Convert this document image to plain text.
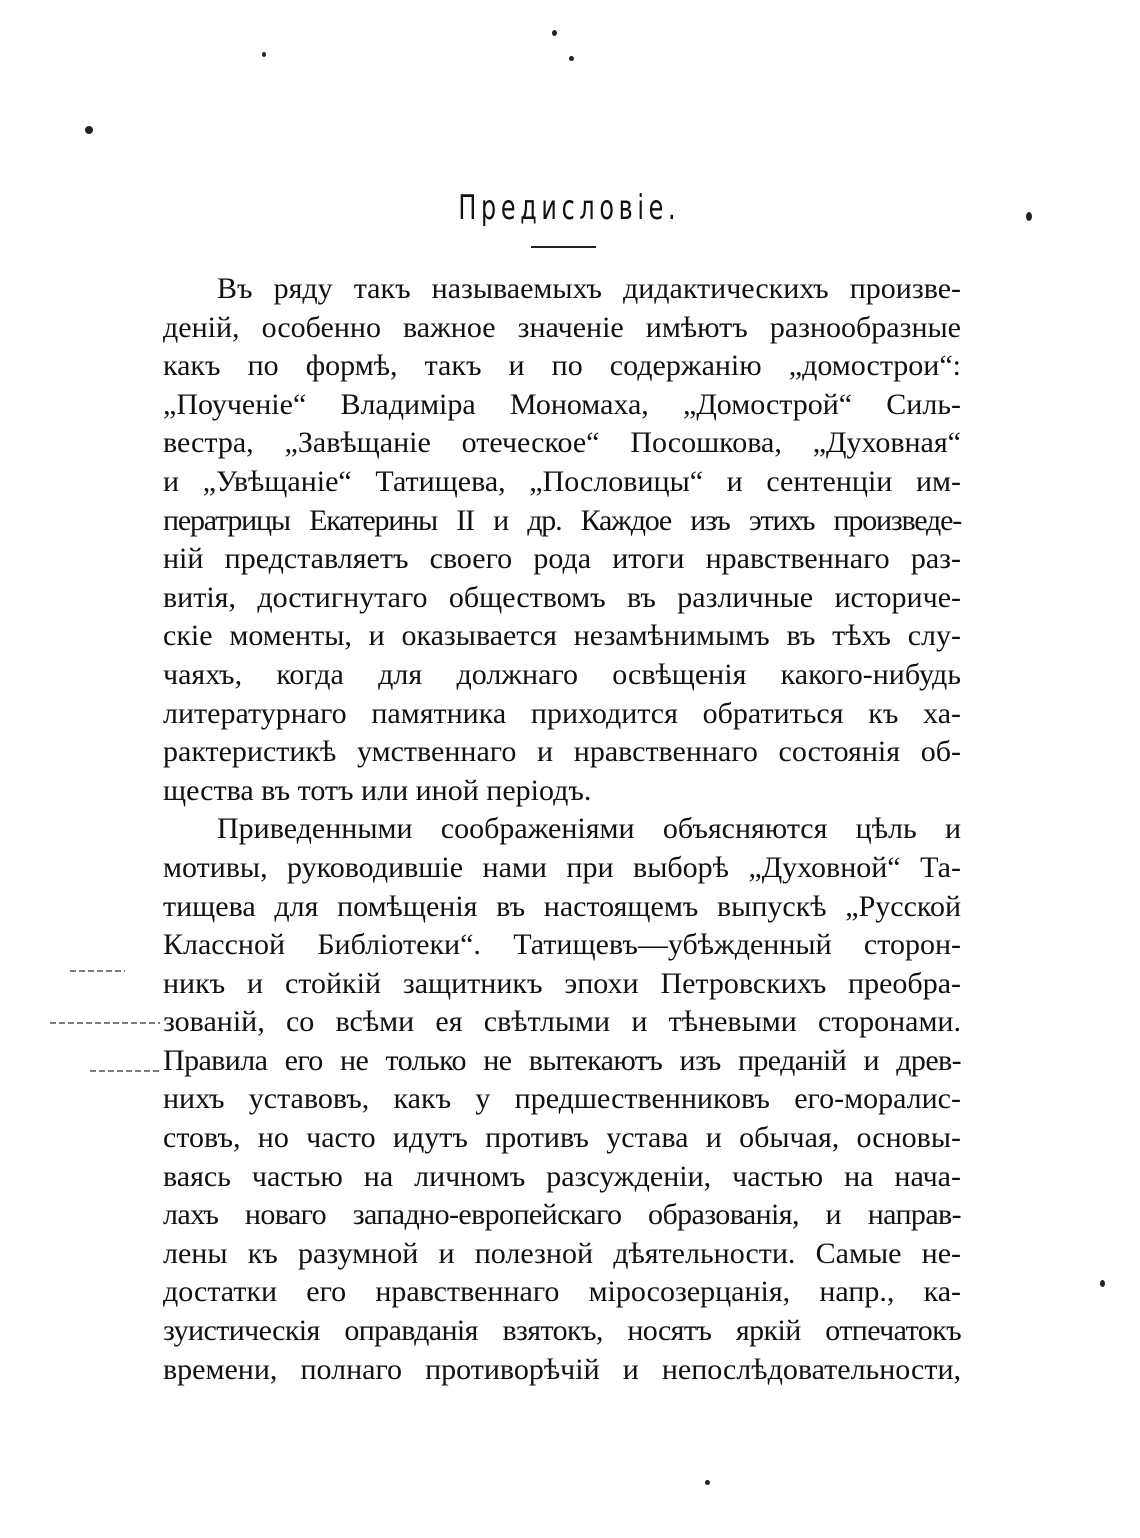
Предисловіе.
Въ ряду такъ называемыхъ дидактическихъ произве-
деній, особенно важное значеніе имѣютъ разнообразные
какъ по формѣ, такъ и по содержанію „домострои“:
„Поученіе“ Владиміра Мономаха, „Домострой“ Силь-
вестра, „Завѣщаніе отеческое“ Посошкова, „Духовная“
и „Увѣщаніе“ Татищева, „Пословицы“ и сентенціи им-
ператрицы Екатерины II и др. Каждое изъ этихъ произведе-
ній представляетъ своего рода итоги нравственнаго раз-
витія, достигнутаго обществомъ въ различные историче-
скіе моменты, и оказывается незамѣнимымъ въ тѣхъ слу-
чаяхъ, когда для должнаго освѣщенія какого-нибудь
литературнаго памятника приходится обратиться къ ха-
рактеристикѣ умственнаго и нравственнаго состоянія об-
щества въ тотъ или иной періодъ.
Приведенными соображеніями объясняются цѣль и
мотивы, руководившіе нами при выборѣ „Духовной“ Та-
тищева для помѣщенія въ настоящемъ выпускѣ „Русской
Классной Библіотеки“. Татищевъ—убѣжденный сторон-
никъ и стойкій защитникъ эпохи Петровскихъ преобра-
зованій, со всѣми ея свѣтлыми и тѣневыми сторонами.
Правила его не только не вытекаютъ изъ преданій и древ-
нихъ уставовъ, какъ у предшественниковъ его-моралис-
стовъ, но часто идутъ противъ устава и обычая, основы-
ваясь частью на личномъ разсужденіи, частью на нача-
лахъ новаго западно-европейскаго образованія, и направ-
лены къ разумной и полезной дѣятельности. Самые не-
достатки его нравственнаго міросозерцанія, напр., ка-
зуистическія оправданія взятокъ, носятъ яркій отпечатокъ
времени, полнаго противорѣчій и непослѣдовательности,
